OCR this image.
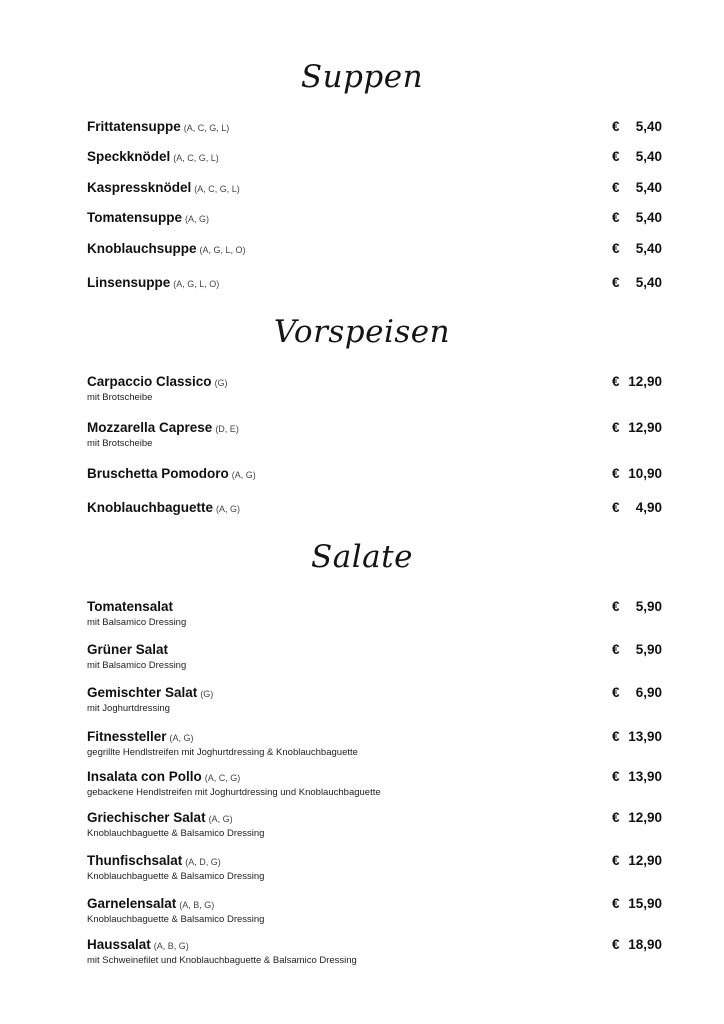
Suppen
Frittatensuppe (A, C, G, L)	€ 5,40
Speckknödel (A, C, G, L)	€ 5,40
Kaspressknödel (A, C, G, L)	€ 5,40
Tomatensuppe (A, G)	€ 5,40
Knoblauchsuppe (A, G, L, O)	€ 5,40
Linsensuppe (A, G, L, O)	€ 5,40
Vorspeisen
Carpaccio Classico (G)	€ 12,90
mit Brotscheibe
Mozzarella Caprese (D, E)	€ 12,90
mit Brotscheibe
Bruschetta Pomodoro (A, G)	€ 10,90
Knoblauchbaguette (A, G)	€ 4,90
Salate
Tomatensalat	€ 5,90
mit Balsamico Dressing
Grüner Salat	€ 5,90
mit Balsamico Dressing
Gemischter Salat (G)	€ 6,90
mit Joghurtdressing
Fitnessteller (A, G)	€ 13,90
gegrillte Hendlstreifen mit Joghurtdressing & Knoblauchbaguette
Insalata con Pollo (A, C, G)	€ 13,90
gebackene Hendlstreifen mit Joghurtdressing und Knoblauchbaguette
Griechischer Salat (A, G)	€ 12,90
Knoblauchbaguette & Balsamico Dressing
Thunfischsalat (A, D, G)	€ 12,90
Knoblauchbaguette & Balsamico Dressing
Garnelensalat (A, B, G)	€ 15,90
Knoblauchbaguette & Balsamico Dressing
Haussalat (A, B, G)	€ 18,90
mit Schweinefilet und Knoblauchbaguette & Balsamico Dressing
